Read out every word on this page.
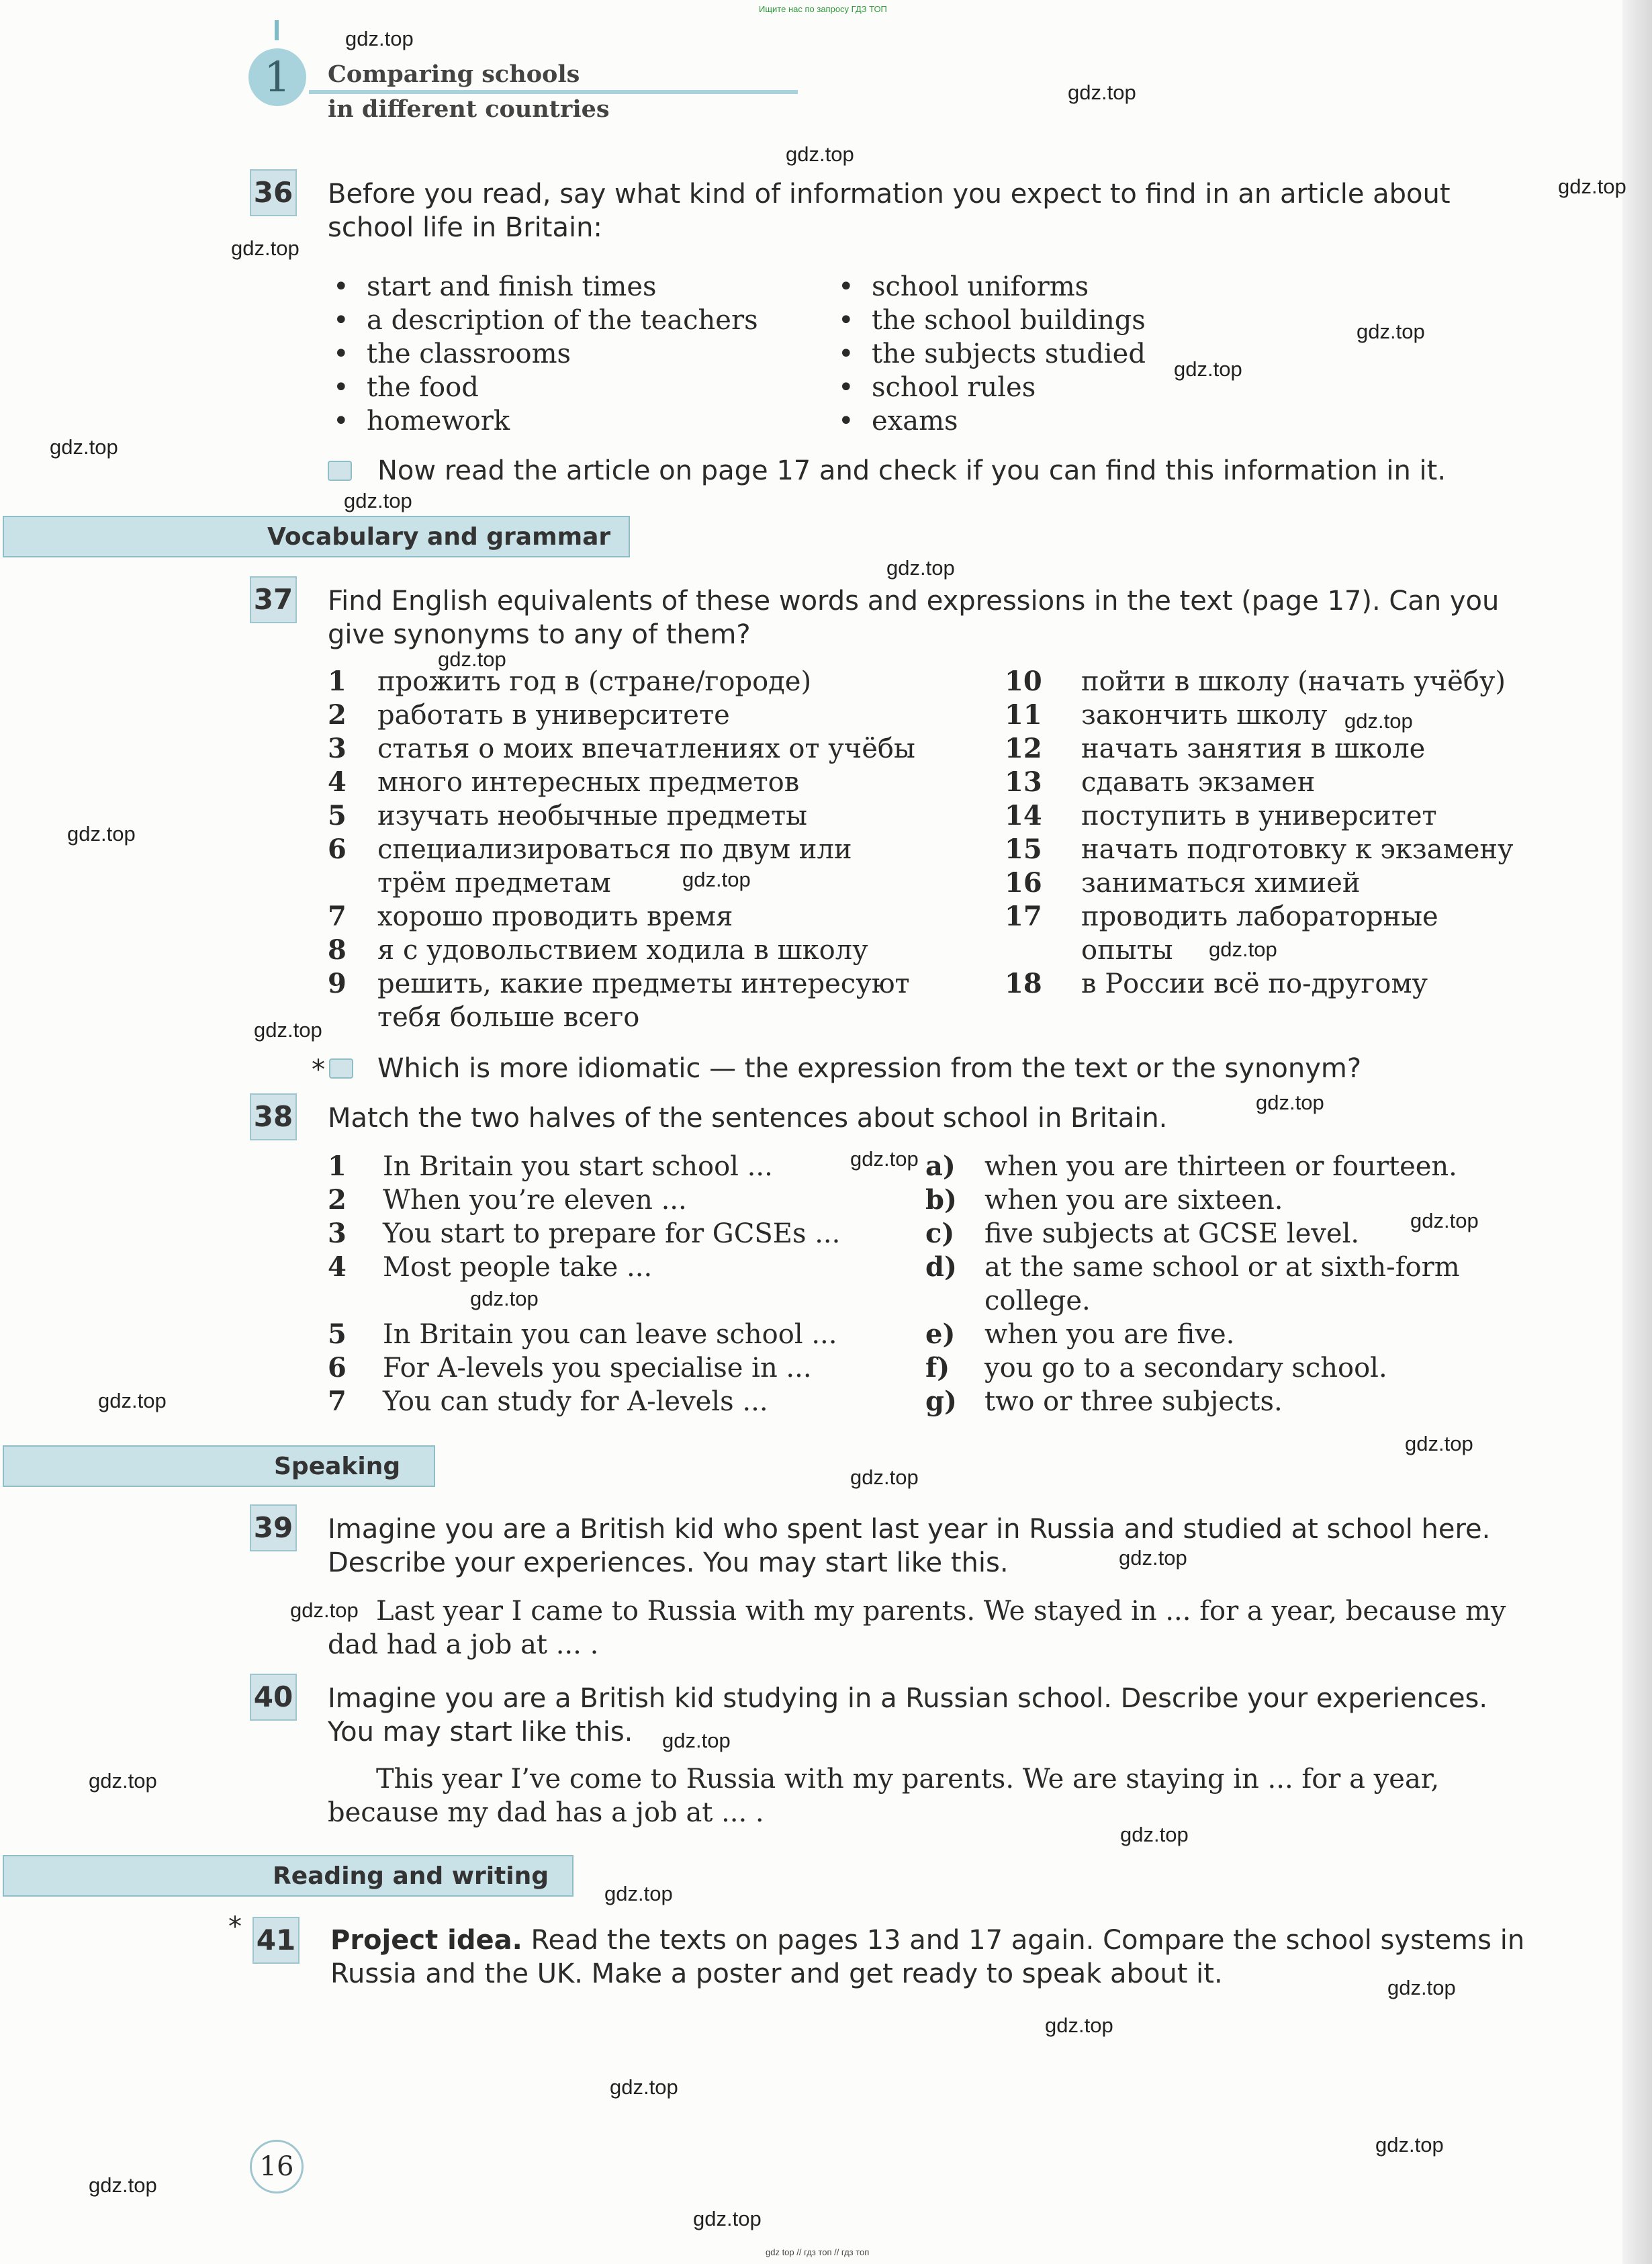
Ищите нас по запросу ГДЗ ТОП
1	Comparing schools
in different countries
36 Before you read, say what kind of information you expect to find in an article about school life in Britain:
• start and finish times
• a description of the teachers
• the classrooms
• the food
• homework
• school uniforms
• the school buildings
• the subjects studied
• school rules
• exams
Now read the article on page 17 and check if you can find this information in it.
Vocabulary and grammar
37 Find English equivalents of these words and expressions in the text (page 17). Can you give synonyms to any of them?
1 прожить год в (стране/городе)
2 работать в университете
3 статья о моих впечатлениях от учёбы
4 много интересных предметов
5 изучать необычные предметы
6 специализироваться по двум или
трём предметам
7 хорошо проводить время
8 я с удовольствием ходила в школу
9 решить, какие предметы интересуют
тебя больше всего
10 пойти в школу (начать учёбу)
11 закончить школу
12 начать занятия в школе
13 сдавать экзамен
14 поступить в университет
15 начать подготовку к экзамену
16 заниматься химией
17 проводить лабораторные
опыты
18 в России всё по-другому
* Which is more idiomatic — the expression from the text or the synonym?
38 Match the two halves of the sentences about school in Britain.
1 In Britain you start school ...
2 When you’re eleven ...
3 You start to prepare for GCSEs ...
4 Most people take ...
5 In Britain you can leave school ...
6 For A-levels you specialise in ...
7 You can study for A-levels ...
a) when you are thirteen or fourteen.
b) when you are sixteen.
c) five subjects at GCSE level.
d) at the same school or at sixth-form
college.
e) when you are five.
f) you go to a secondary school.
g) two or three subjects.
Speaking
39 Imagine you are a British kid who spent last year in Russia and studied at school here. Describe your experiences. You may start like this.
Last year I came to Russia with my parents. We stayed in ... for a year, because my dad had a job at ... .
40 Imagine you are a British kid studying in a Russian school. Describe your experiences. You may start like this.
This year I’ve come to Russia with my parents. We are staying in ... for a year, because my dad has a job at ... .
Reading and writing
* 41 Project idea. Read the texts on pages 13 and 17 again. Compare the school systems in Russia and the UK. Make a poster and get ready to speak about it.
16
gdz top // гдз топ // гдз топ
gdz.top
gdz.top
gdz.top
gdz.top
gdz.top
gdz.top
gdz.top
gdz.top
gdz.top
gdz.top
gdz.top
gdz.top
gdz.top
gdz.top
gdz.top
gdz.top
gdz.top
gdz.top
gdz.top
gdz.top
gdz.top
gdz.top
gdz.top
gdz.top
gdz.top
gdz.top
gdz.top
gdz.top
gdz.top
gdz.top
gdz.top
gdz.top
gdz.top
gdz.top
gdz.top
